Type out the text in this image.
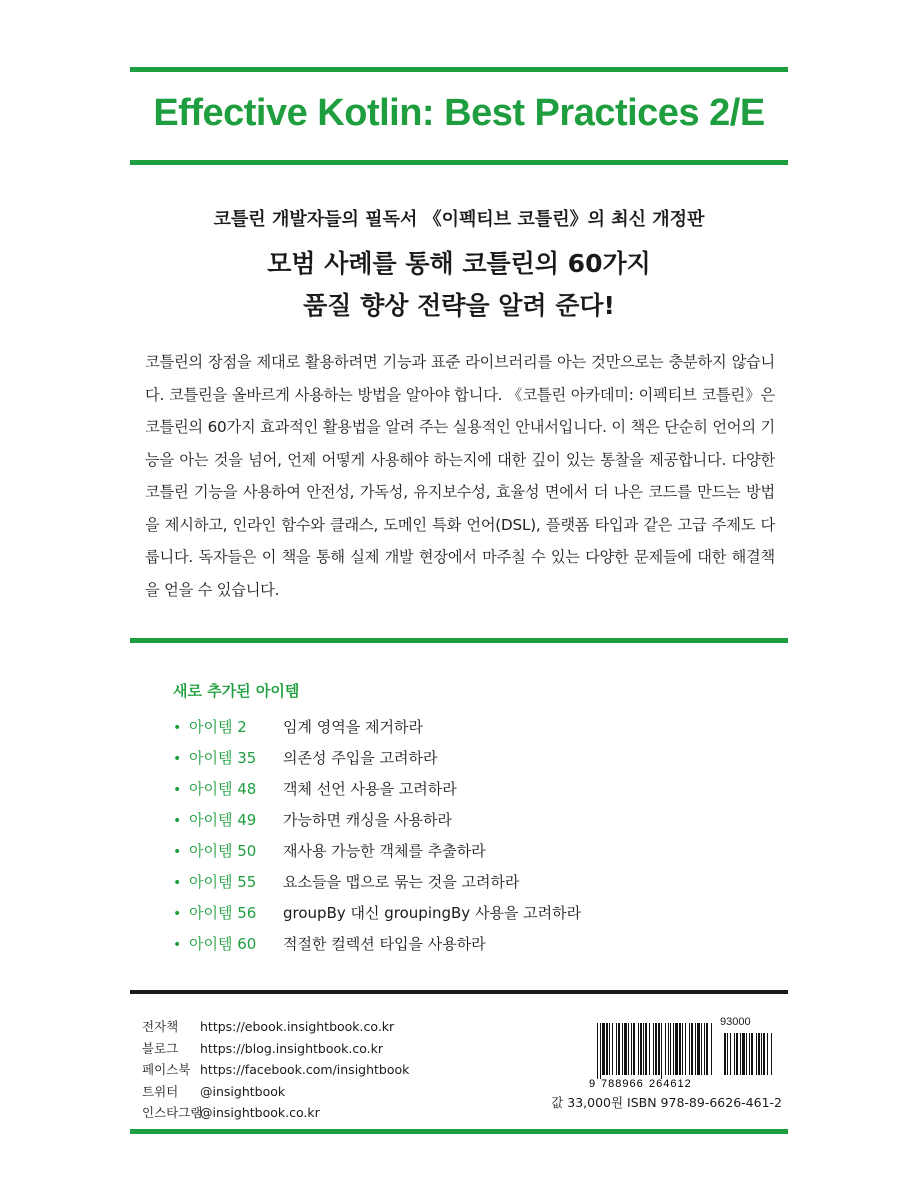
Effective Kotlin: Best Practices 2/E
코틀린 개발자들의 필독서 《이펙티브 코틀린》의 최신 개정판
모범 사례를 통해 코틀린의 60가지
품질 향상 전략을 알려 준다!
코틀린의 장점을 제대로 활용하려면 기능과 표준 라이브러리를 아는 것만으로는 충분하지 않습니다. 코틀린을 올바르게 사용하는 방법을 알아야 합니다. 《코틀린 아카데미: 이펙티브 코틀린》은 코틀린의 60가지 효과적인 활용법을 알려 주는 실용적인 안내서입니다. 이 책은 단순히 언어의 기능을 아는 것을 넘어, 언제 어떻게 사용해야 하는지에 대한 깊이 있는 통찰을 제공합니다. 다양한 코틀린 기능을 사용하여 안전성, 가독성, 유지보수성, 효율성 면에서 더 나은 코드를 만드는 방법을 제시하고, 인라인 함수와 클래스, 도메인 특화 언어(DSL), 플랫폼 타입과 같은 고급 주제도 다룹니다. 독자들은 이 책을 통해 실제 개발 현장에서 마주칠 수 있는 다양한 문제들에 대한 해결책을 얻을 수 있습니다.
새로 추가된 아이템
• 아이템 2 임계 영역을 제거하라
• 아이템 35 의존성 주입을 고려하라
• 아이템 48 객체 선언 사용을 고려하라
• 아이템 49 가능하면 캐싱을 사용하라
• 아이템 50 재사용 가능한 객체를 추출하라
• 아이템 55 요소들을 맵으로 묶는 것을 고려하라
• 아이템 56 groupBy 대신 groupingBy 사용을 고려하라
• 아이템 60 적절한 컬렉션 타입을 사용하라
전자책 https://ebook.insightbook.co.kr
블로그 https://blog.insightbook.co.kr
페이스북 https://facebook.com/insightbook
트위터 @insightbook
인스타그램@insightbook.co.kr
9 788966 264612
93000
값 33,000원 ISBN 978-89-6626-461-2
